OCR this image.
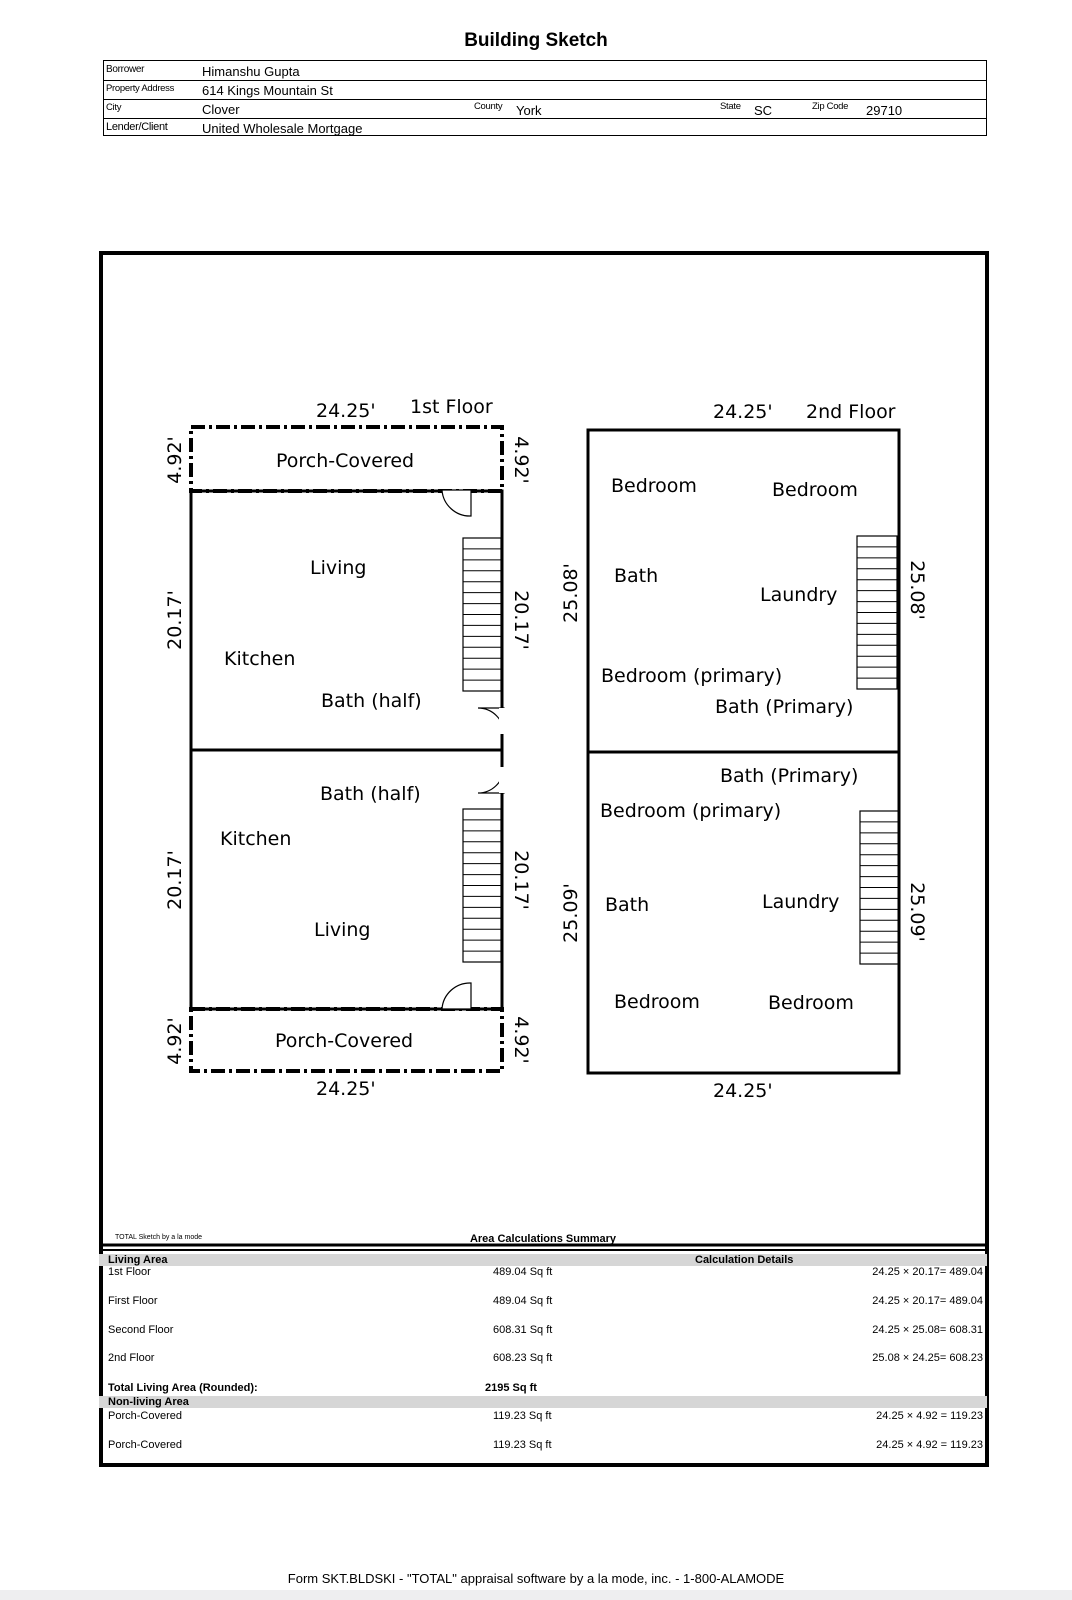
Building Sketch
Borrower	Himanshu Gupta
Property Address 614 Kings Mountain St
City	Clover	County York	State SC	Zip Code 29710
Lender/Client	United Wholesale Mortgage
24.25' 1st Floor	24.25' 2nd Floor
24.25'	24.25'
Porch-Covered
Living
Kitchen
Bath (half)
Bath (half)
Kitchen
Living
Porch-Covered
Bedroom	Bedroom
Bath
Laundry
Bedroom (primary)
Bath (Primary)
Bath (Primary)
Bedroom (primary)
Bath	Laundry
Bedroom	Bedroom
4.92'
20.17'
20.17'
4.92'
25.08'
25.09'
4.92'
20.17'
20.17'
4.92'
25.08'
25.09'
TOTAL Sketch by a la mode	Area Calculations Summary
Living Area	Calculation Details
1st Floor	489.04 Sq ft	24.25 × 20.17= 489.04
First Floor	489.04 Sq ft	24.25 × 20.17= 489.04
Second Floor	608.31 Sq ft	24.25 × 25.08= 608.31
2nd Floor	608.23 Sq ft	25.08 × 24.25= 608.23
Total Living Area (Rounded):	2195 Sq ft
Non-living Area
Porch-Covered	119.23 Sq ft	24.25 × 4.92 = 119.23
Porch-Covered	119.23 Sq ft	24.25 × 4.92 = 119.23
Form SKT.BLDSKI - "TOTAL" appraisal software by a la mode, inc. - 1-800-ALAMODE
